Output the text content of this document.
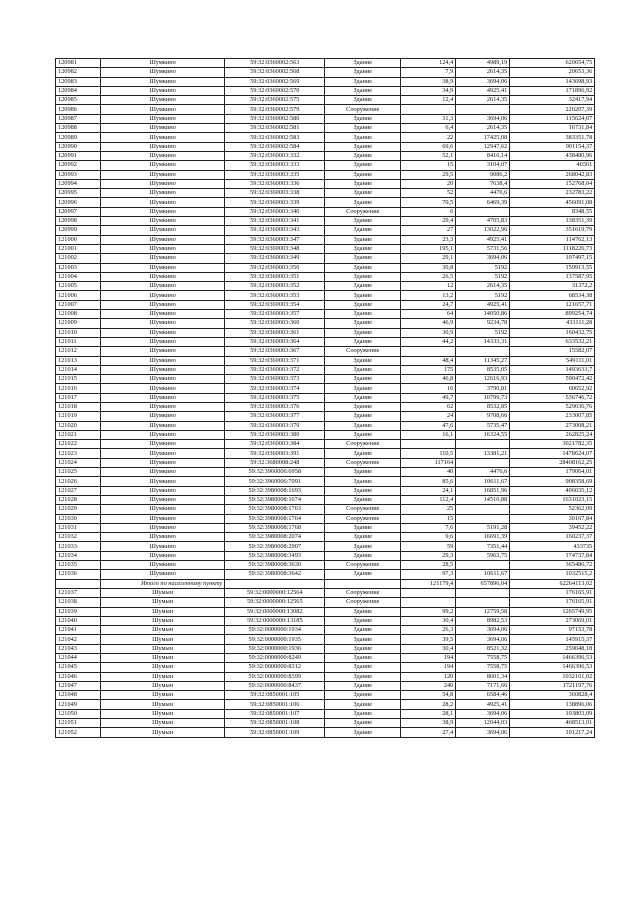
120981	Шумкино	59:32:0360002:563	Здание	124,4	4989,19	620654,75
120982	Шумкино	59:32:0360002:568	Здание	7,9	2614,35	20653,36
120983	Шумкино	59:32:0360002:569	Здание	38,9	3694,06	143698,93
120984	Шумкино	59:32:0360002:570	Здание	34,9	4925,41	171896,92
120985	Шумкино	59:32:0360002:575	Здание	12,4	2614,35	32417,94
120986	Шумкино	59:32:0360002:579	Сооружение			220207,39
120987	Шумкино	59:32:0360002:580	Здание	31,3	3694,06	115624,07
120988	Шумкино	59:32:0360002:581	Здание	6,4	2614,35	16731,84
120989	Шумкино	59:32:0360002:583	Здание	22	17425,08	383351,78
120990	Шумкино	59:32:0360002:584	Здание	69,6	12947,62	901154,37
120991	Шумкино	59:32:0360003:332	Здание	52,1	8416,14	438480,96
120992	Шумкино	59:32:0360003:333	Здание	15	3104,07	46561
120993	Шумкино	59:32:0360003:335	Здание	29,5	9086,2	268042,83
120994	Шумкино	59:32:0360003:336	Здание	20	7638,4	152768,04
120995	Шумкино	59:32:0360003:338	Здание	52	4476,6	232783,22
120996	Шумкино	59:32:0360003:339	Здание	70,5	6469,39	456091,08
120997	Шумкино	59:32:0360003:340	Сооружение	6		8348,55
120998	Шумкино	59:32:0360003:341	Здание	29,4	4705,83	138351,39
120999	Шумкино	59:32:0360003:343	Здание	27	13022,96	351619,79
121000	Шумкино	59:32:0360003:347	Здание	23,3	4925,41	114762,13
121001	Шумкино	59:32:0360003:348	Здание	195,1	5731,56	1118226,73
121002	Шумкино	59:32:0360003:349	Здание	29,1	3694,06	107497,15
121003	Шумкино	59:32:0360003:350	Здание	30,8	5192	159913,55
121004	Шумкино	59:32:0360003:351	Здание	26,5	5192	137587,95
121005	Шумкино	59:32:0360003:352	Здание	12	2614,35	31372,2
121006	Шумкино	59:32:0360003:353	Здание	13,2	5192	68534,38
121007	Шумкино	59:32:0360003:354	Здание	24,7	4925,41	121657,71
121008	Шумкино	59:32:0360003:357	Здание	64	14050,86	899254,74
121009	Шумкино	59:32:0360003:360	Здание	46,9	9234,78	433111,28
121010	Шумкино	59:32:0360003:361	Здание	30,9	5192	160432,75
121011	Шумкино	59:32:0360003:364	Здание	44,2	14333,31	633532,21
121012	Шумкино	59:32:0360003:367	Сооружение			15582,07
121013	Шумкино	59:32:0360003:371	Здание	48,4	11345,27	549111,01
121014	Шумкино	59:32:0360003:372	Здание	175	8535,05	1493633,7
121015	Шумкино	59:32:0360003:373	Здание	46,8	12616,93	590472,42
121016	Шумкино	59:32:0360003:374	Здание	16	3790,81	60652,92
121017	Шумкино	59:32:0360003:375	Здание	49,7	10799,73	536746,72
121018	Шумкино	59:32:0360003:376	Здание	62	8532,85	529036,76
121019	Шумкино	59:32:0360003:377	Здание	24	9708,66	233007,85
121020	Шумкино	59:32:0360003:379	Здание	47,6	5735,47	273008,21
121021	Шумкино	59:32:0360003:380	Здание	16,1	16324,55	262825,24
121022	Шумкино	59:32:0360003:384	Сооружение			3021782,35
121023	Шумкино	59:32:0360003:391	Здание	110,5	13381,21	1478624,07
121024	Шумкино	59:32:3680008:248	Сооружение	117164		28408162,25
121025	Шумкино	59:32:3960006:6958	Здание	40	4476,6	179064,01
121026	Шумкино	59:32:3960006:7091	Здание	85,6	10611,67	908358,69
121027	Шумкино	59:32:3980008:1693	Здание	24,1	16851,96	406035,12
121028	Шумкино	59:32:3980008:1674	Здание	112,4	14510,88	1631023,15
121029	Шумкино	59:32:3980008:1763	Сооружение	25		52362,09
121030	Шумкино	59:32:3980008:1764	Сооружение	15		30167,84
121031	Шумкино	59:32:3980008:1768	Здание	7,6	5191,28	39452,22
121032	Шумкино	59:32:3980008:2074	Здание	9,6	16691,39	160237,37
121033	Шумкино	59:32:3980008:2907	Здание	59	7351,44	433735
121034	Шумкино	59:32:3980008:3493	Здание	29,3	5963,75	174737,84
121035	Шумкино	59:32:3980008:3630	Сооружение	28,5		365486,72
121036	Шумкино	59:32:3980008:3642	Здание	97,3	10611,67	1032515,2
	Итого по населенному пункту			121179,4	657896,04	62264113,02
121037	Шумын	59:32:0000000:12564	Сооружение			176165,91
121038	Шумын	59:32:0000000:12565	Сооружение			176165,91
121039	Шумын	59:32:0000000:13082	Здание	99,2	12759,58	1265749,95
121040	Шумын	59:32:0000000:13185	Здание	30,4	8982,53	273069,01
121041	Шумын	59:32:0000000:1934	Здание	26,3	3694,06	97153,78
121042	Шумын	59:32:0000000:1935	Здание	39,5	3694,06	145915,37
121043	Шумын	59:32:0000000:1936	Здание	30,4	8521,32	259048,18
121044	Шумын	59:32:0000000:8249	Здание	194	7558,75	1466396,53
121045	Шумын	59:32:0000000:8312	Здание	194	7558,75	1466396,53
121046	Шумын	59:32:0000000:8399	Здание	120	8601,34	1032161,02
121047	Шумын	59:32:0000000:8437	Здание	240	7171,66	1721197,76
121048	Шумын	59:32:0850001:105	Здание	54,8	6584,46	360828,4
121049	Шумын	59:32:0850001:106	Здание	28,2	4925,41	138896,06
121050	Шумын	59:32:0850001:107	Здание	28,1	3694,06	103803,09
121051	Шумын	59:32:0850001:108	Здание	38,9	12044,03	468513,01
121052	Шумын	59:32:0850001:109	Здание	27,4	3694,06	101217,24
